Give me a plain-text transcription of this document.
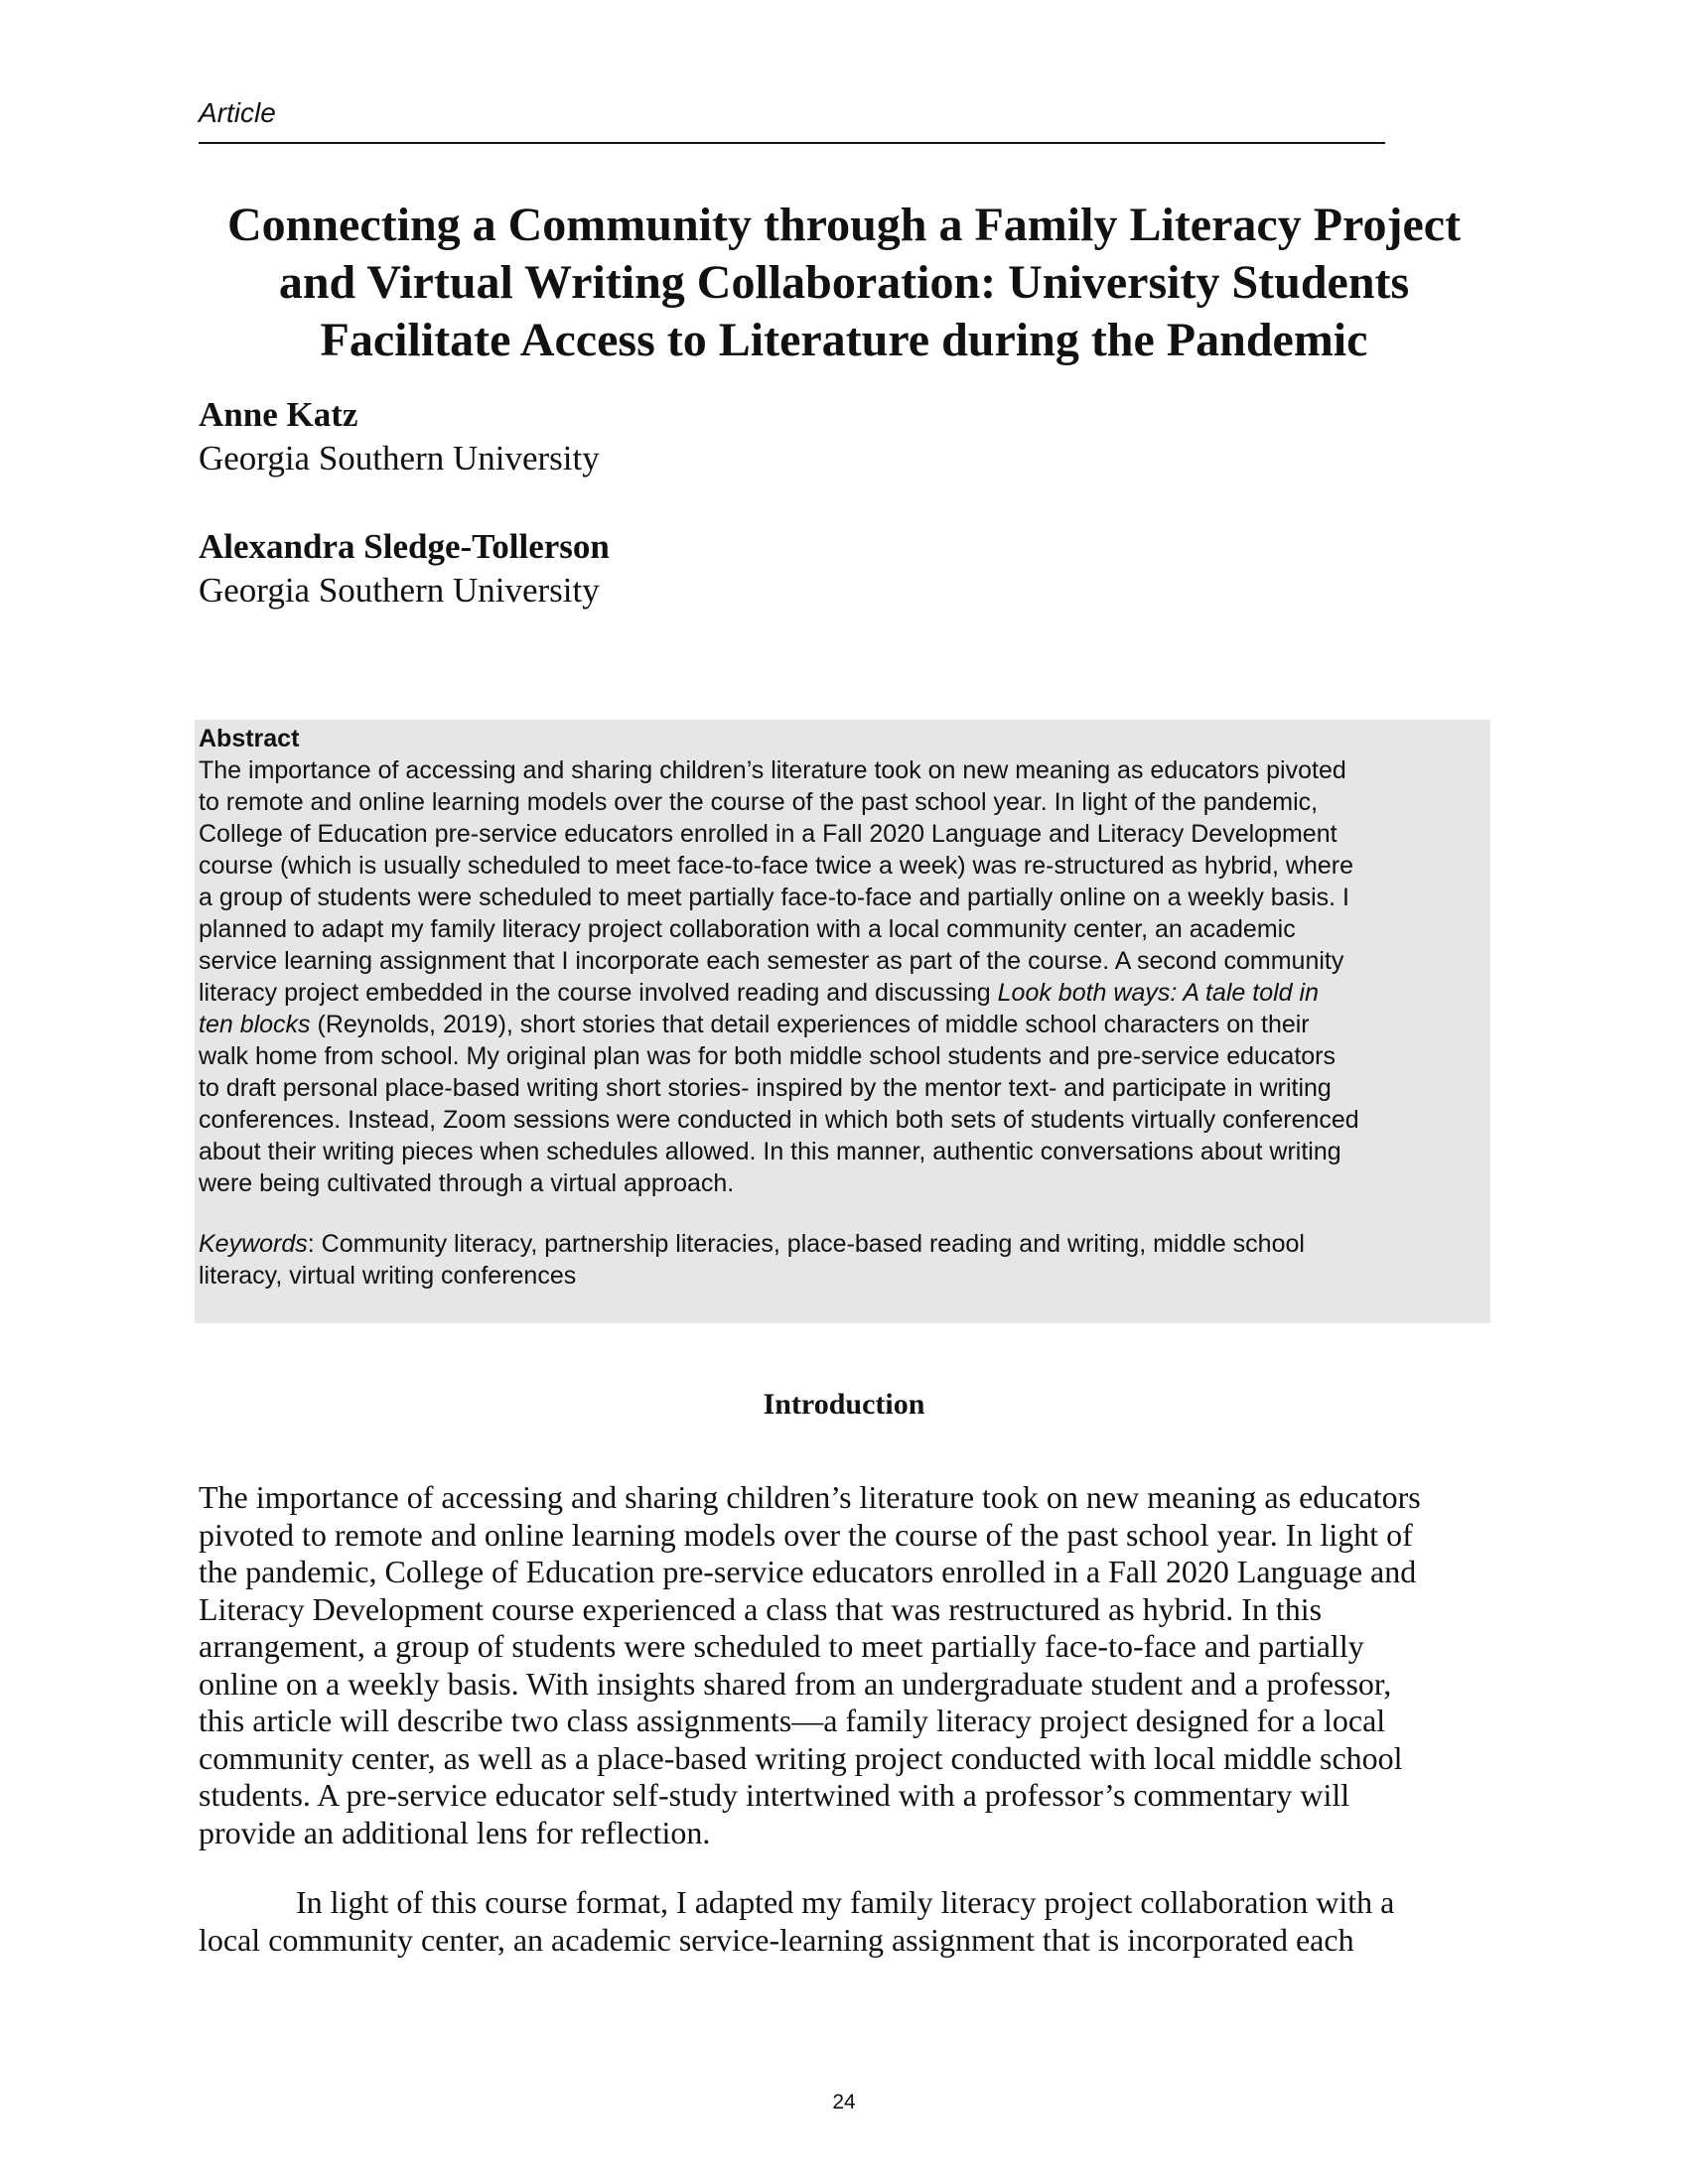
Article
Connecting a Community through a Family Literacy Project
and Virtual Writing Collaboration: University Students
Facilitate Access to Literature during the Pandemic
Anne Katz
Georgia Southern University
Alexandra Sledge-Tollerson
Georgia Southern University
Abstract
The importance of accessing and sharing children’s literature took on new meaning as educators pivoted
to remote and online learning models over the course of the past school year. In light of the pandemic,
College of Education pre-service educators enrolled in a Fall 2020 Language and Literacy Development
course (which is usually scheduled to meet face-to-face twice a week) was re-structured as hybrid, where
a group of students were scheduled to meet partially face-to-face and partially online on a weekly basis. I
planned to adapt my family literacy project collaboration with a local community center, an academic
service learning assignment that I incorporate each semester as part of the course. A second community
literacy project embedded in the course involved reading and discussing Look both ways: A tale told in
ten blocks (Reynolds, 2019), short stories that detail experiences of middle school characters on their
walk home from school. My original plan was for both middle school students and pre-service educators
to draft personal place-based writing short stories- inspired by the mentor text- and participate in writing
conferences. Instead, Zoom sessions were conducted in which both sets of students virtually conferenced
about their writing pieces when schedules allowed. In this manner, authentic conversations about writing
were being cultivated through a virtual approach.
Keywords: Community literacy, partnership literacies, place-based reading and writing, middle school
literacy, virtual writing conferences
Introduction
The importance of accessing and sharing children’s literature took on new meaning as educators
pivoted to remote and online learning models over the course of the past school year. In light of
the pandemic, College of Education pre-service educators enrolled in a Fall 2020 Language and
Literacy Development course experienced a class that was restructured as hybrid. In this
arrangement, a group of students were scheduled to meet partially face-to-face and partially
online on a weekly basis. With insights shared from an undergraduate student and a professor,
this article will describe two class assignments—a family literacy project designed for a local
community center, as well as a place-based writing project conducted with local middle school
students. A pre-service educator self-study intertwined with a professor’s commentary will
provide an additional lens for reflection.
In light of this course format, I adapted my family literacy project collaboration with a
local community center, an academic service-learning assignment that is incorporated each
24
